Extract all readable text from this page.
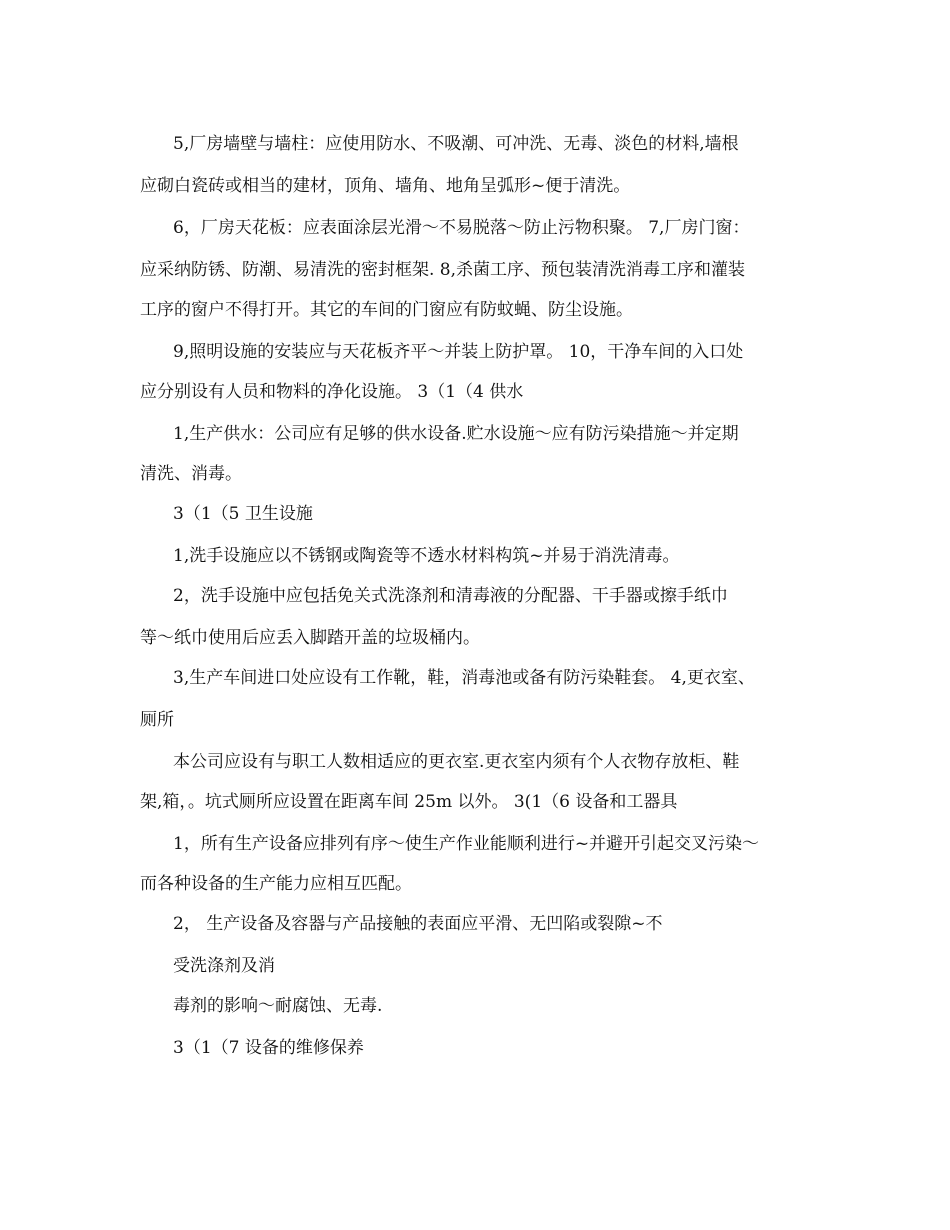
5,厂房墙壁与墙柱：应使用防水、不吸潮、可冲洗、无毒、淡色的材料,墙根
应砌白瓷砖或相当的建材，顶角、墙角、地角呈弧形~便于清洗。
6，厂房天花板：应表面涂层光滑～不易脱落～防止污物积聚。 7,厂房门窗：
应采纳防锈、防潮、易清洗的密封框架. 8,杀菌工序、预包装清洗消毒工序和灌装
工序的窗户不得打开。其它的车间的门窗应有防蚊蝇、防尘设施。
9,照明设施的安装应与天花板齐平～并装上防护罩。 10，干净车间的入口处
应分别设有人员和物料的净化设施。 3（1（4 供水
1,生产供水：公司应有足够的供水设备.贮水设施～应有防污染措施～并定期
清洗、消毒。
3（1（5 卫生设施
1,洗手设施应以不锈钢或陶瓷等不透水材料构筑~并易于消洗清毒。
2，洗手设施中应包括免关式洗涤剂和清毒液的分配器、干手器或擦手纸巾
等～纸巾使用后应丢入脚踏开盖的垃圾桶内。
3,生产车间进口处应设有工作靴，鞋，消毒池或备有防污染鞋套。 4,更衣室、
厕所
本公司应设有与职工人数相适应的更衣室.更衣室内须有个人衣物存放柜、鞋
架,箱，。坑式厕所应设置在距离车间 25m 以外。 3(1（6 设备和工器具
1，所有生产设备应排列有序～使生产作业能顺利进行~并避开引起交叉污染～
而各种设备的生产能力应相互匹配。
2， 生产设备及容器与产品接触的表面应平滑、无凹陷或裂隙~不
受洗涤剂及消
毒剂的影响～耐腐蚀、无毒.
3（1（7 设备的维修保养
